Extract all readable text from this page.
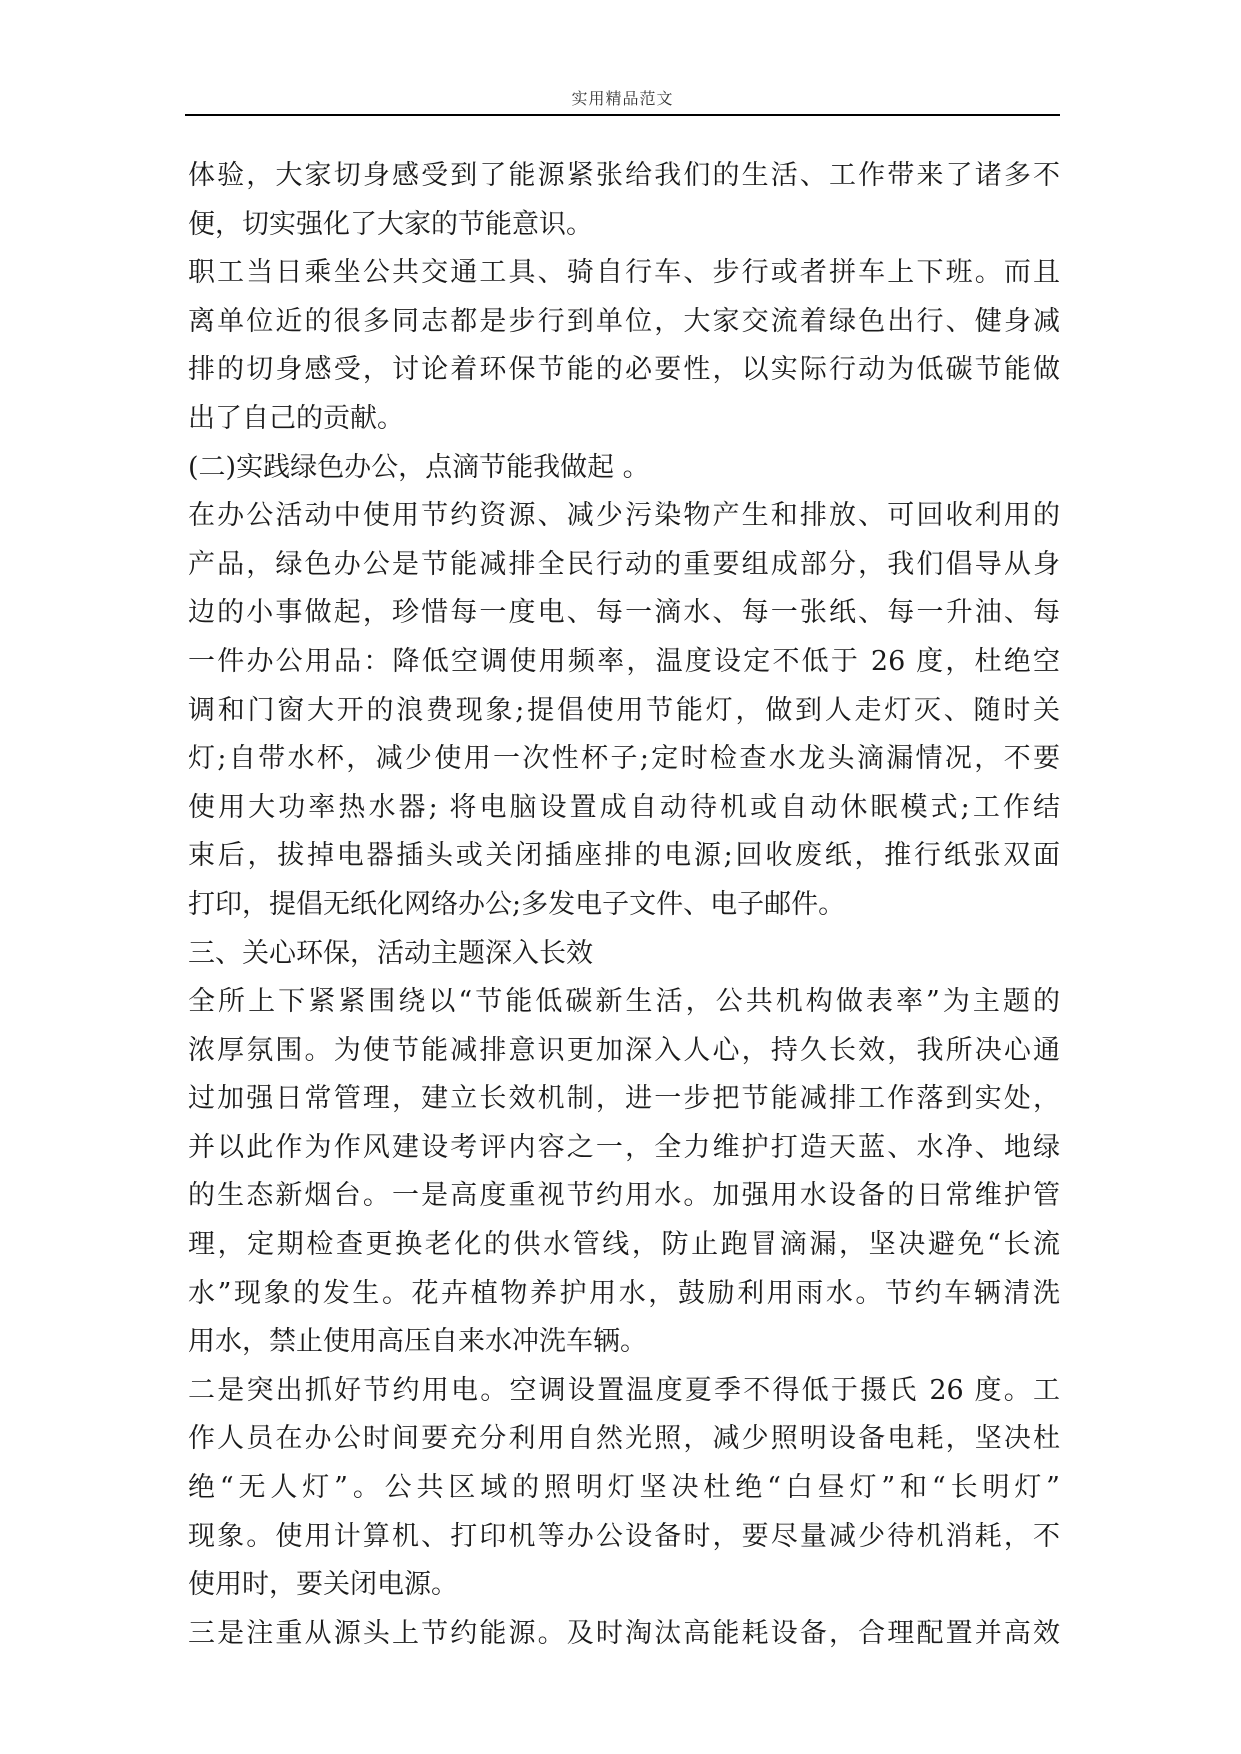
实用精品范文
体验，大家切身感受到了能源紧张给我们的生活、工作带来了诸多不
便，切实强化了大家的节能意识。
职工当日乘坐公共交通工具、骑自行车、步行或者拼车上下班。而且
离单位近的很多同志都是步行到单位，大家交流着绿色出行、健身减
排的切身感受，讨论着环保节能的必要性，以实际行动为低碳节能做
出了自己的贡献。
(二)实践绿色办公，点滴节能我做起 。
在办公活动中使用节约资源、减少污染物产生和排放、可回收利用的
产品，绿色办公是节能减排全民行动的重要组成部分，我们倡导从身
边的小事做起，珍惜每一度电、每一滴水、每一张纸、每一升油、每
一件办公用品：降低空调使用频率，温度设定不低于 26 度，杜绝空
调和门窗大开的浪费现象;提倡使用节能灯，做到人走灯灭、随时关
灯;自带水杯，减少使用一次性杯子;定时检查水龙头滴漏情况，不要
使用大功率热水器; 将电脑设置成自动待机或自动休眠模式;工作结
束后，拔掉电器插头或关闭插座排的电源;回收废纸，推行纸张双面
打印，提倡无纸化网络办公;多发电子文件、电子邮件。
三、关心环保，活动主题深入长效
全所上下紧紧围绕以“节能低碳新生活，公共机构做表率”为主题的
浓厚氛围。为使节能减排意识更加深入人心，持久长效，我所决心通
过加强日常管理，建立长效机制，进一步把节能减排工作落到实处，
并以此作为作风建设考评内容之一，全力维护打造天蓝、水净、地绿
的生态新烟台。一是高度重视节约用水。加强用水设备的日常维护管
理，定期检查更换老化的供水管线，防止跑冒滴漏，坚决避免“长流
水”现象的发生。花卉植物养护用水，鼓励利用雨水。节约车辆清洗
用水，禁止使用高压自来水冲洗车辆。
二是突出抓好节约用电。空调设置温度夏季不得低于摄氏 26 度。工
作人员在办公时间要充分利用自然光照，减少照明设备电耗，坚决杜
绝“无人灯”。公共区域的照明灯坚决杜绝“白昼灯”和“长明灯”
现象。使用计算机、打印机等办公设备时，要尽量减少待机消耗，不
使用时，要关闭电源。
三是注重从源头上节约能源。及时淘汰高能耗设备，合理配置并高效
